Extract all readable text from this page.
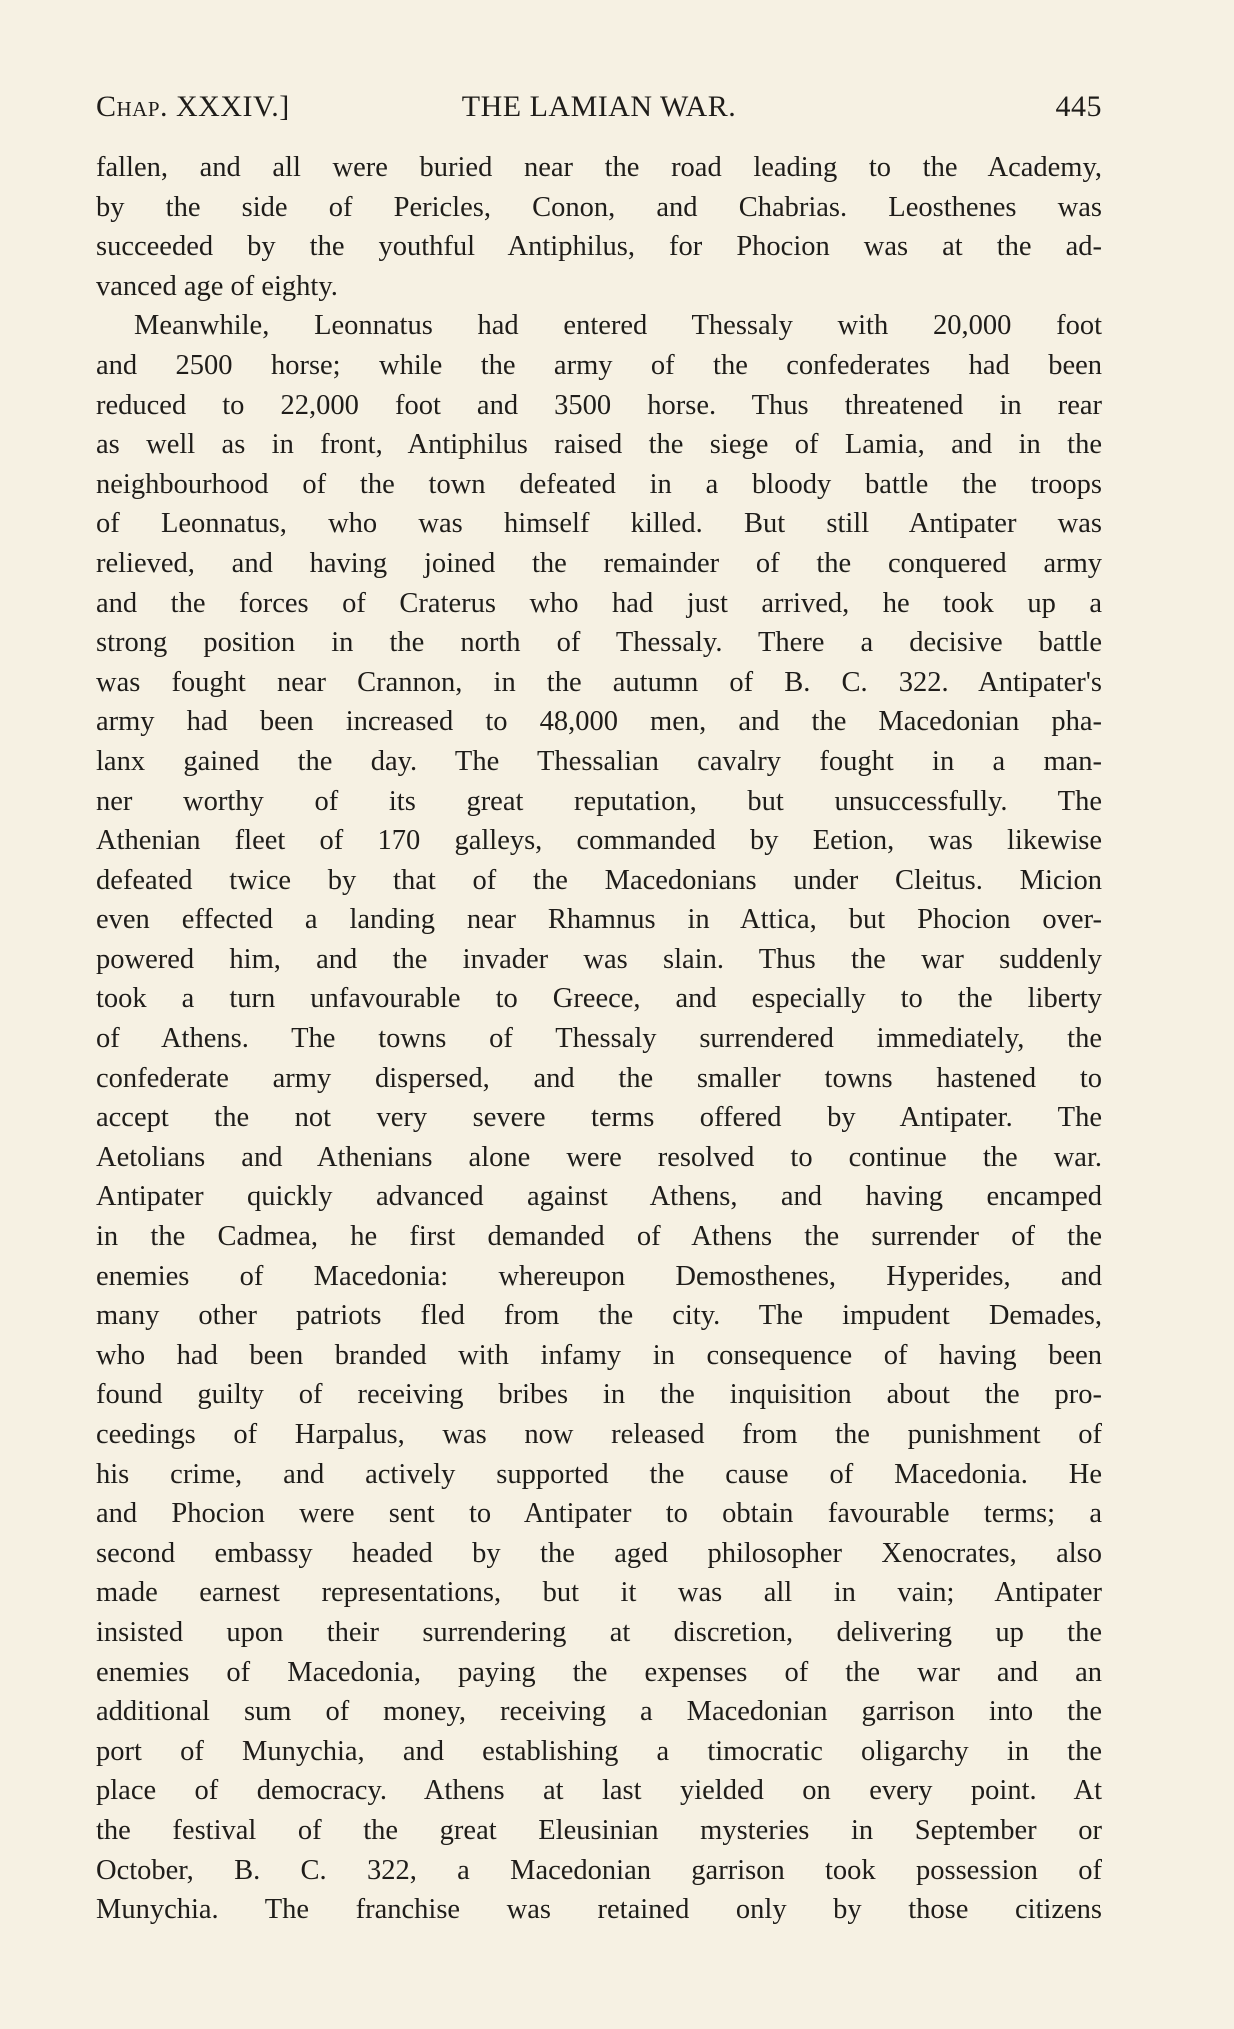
Chap. XXXIV.]	THE LAMIAN WAR.	445
fallen, and all were buried near the road leading to the Academy,
by the side of Pericles, Conon, and Chabrias. Leosthenes was
succeeded by the youthful Antiphilus, for Phocion was at the ad-
vanced age of eighty.
Meanwhile, Leonnatus had entered Thessaly with 20,000 foot
and 2500 horse; while the army of the confederates had been
reduced to 22,000 foot and 3500 horse. Thus threatened in rear
as well as in front, Antiphilus raised the siege of Lamia, and in the
neighbourhood of the town defeated in a bloody battle the troops
of Leonnatus, who was himself killed. But still Antipater was
relieved, and having joined the remainder of the conquered army
and the forces of Craterus who had just arrived, he took up a
strong position in the north of Thessaly. There a decisive battle
was fought near Crannon, in the autumn of B. C. 322. Antipater's
army had been increased to 48,000 men, and the Macedonian pha-
lanx gained the day. The Thessalian cavalry fought in a man-
ner worthy of its great reputation, but unsuccessfully. The
Athenian fleet of 170 galleys, commanded by Eetion, was likewise
defeated twice by that of the Macedonians under Cleitus. Micion
even effected a landing near Rhamnus in Attica, but Phocion over-
powered him, and the invader was slain. Thus the war suddenly
took a turn unfavourable to Greece, and especially to the liberty
of Athens. The towns of Thessaly surrendered immediately, the
confederate army dispersed, and the smaller towns hastened to
accept the not very severe terms offered by Antipater. The
Aetolians and Athenians alone were resolved to continue the war.
Antipater quickly advanced against Athens, and having encamped
in the Cadmea, he first demanded of Athens the surrender of the
enemies of Macedonia: whereupon Demosthenes, Hyperides, and
many other patriots fled from the city. The impudent Demades,
who had been branded with infamy in consequence of having been
found guilty of receiving bribes in the inquisition about the pro-
ceedings of Harpalus, was now released from the punishment of
his crime, and actively supported the cause of Macedonia. He
and Phocion were sent to Antipater to obtain favourable terms; a
second embassy headed by the aged philosopher Xenocrates, also
made earnest representations, but it was all in vain; Antipater
insisted upon their surrendering at discretion, delivering up the
enemies of Macedonia, paying the expenses of the war and an
additional sum of money, receiving a Macedonian garrison into the
port of Munychia, and establishing a timocratic oligarchy in the
place of democracy. Athens at last yielded on every point. At
the festival of the great Eleusinian mysteries in September or
October, B. C. 322, a Macedonian garrison took possession of
Munychia. The franchise was retained only by those citizens
